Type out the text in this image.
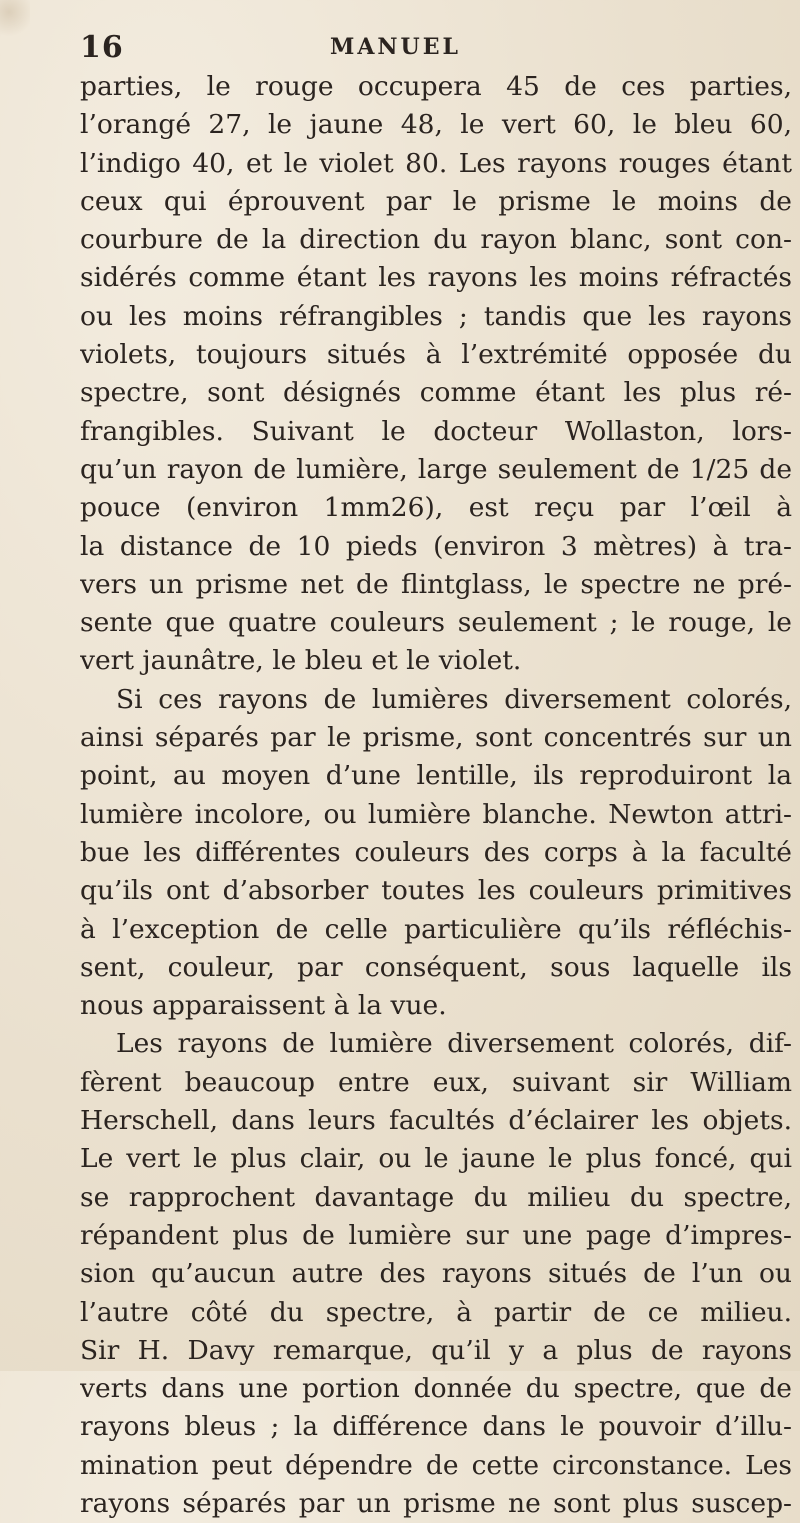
16	MANUEL
parties, le rouge occupera 45 de ces parties,
l’orangé 27, le jaune 48, le vert 60, le bleu 60,
l’indigo 40, et le violet 80. Les rayons rouges étant
ceux qui éprouvent par le prisme le moins de
courbure de la direction du rayon blanc, sont con-
sidérés comme étant les rayons les moins réfractés
ou les moins réfrangibles ; tandis que les rayons
violets, toujours situés à l’extrémité opposée du
spectre, sont désignés comme étant les plus ré-
frangibles. Suivant le docteur Wollaston, lors-
qu’un rayon de lumière, large seulement de 1/25 de
pouce (environ 1mm26), est reçu par l’œil à
la distance de 10 pieds (environ 3 mètres) à tra-
vers un prisme net de flintglass, le spectre ne pré-
sente que quatre couleurs seulement ; le rouge, le
vert jaunâtre, le bleu et le violet.
Si ces rayons de lumières diversement colorés,
ainsi séparés par le prisme, sont concentrés sur un
point, au moyen d’une lentille, ils reproduiront la
lumière incolore, ou lumière blanche. Newton attri-
bue les différentes couleurs des corps à la faculté
qu’ils ont d’absorber toutes les couleurs primitives
à l’exception de celle particulière qu’ils réfléchis-
sent, couleur, par conséquent, sous laquelle ils
nous apparaissent à la vue.
Les rayons de lumière diversement colorés, dif-
fèrent beaucoup entre eux, suivant sir William
Herschell, dans leurs facultés d’éclairer les objets.
Le vert le plus clair, ou le jaune le plus foncé, qui
se rapprochent davantage du milieu du spectre,
répandent plus de lumière sur une page d’impres-
sion qu’aucun autre des rayons situés de l’un ou
l’autre côté du spectre, à partir de ce milieu.
Sir H. Davy remarque, qu’il y a plus de rayons
verts dans une portion donnée du spectre, que de
rayons bleus ; la différence dans le pouvoir d’illu-
mination peut dépendre de cette circonstance. Les
rayons séparés par un prisme ne sont plus suscep-
